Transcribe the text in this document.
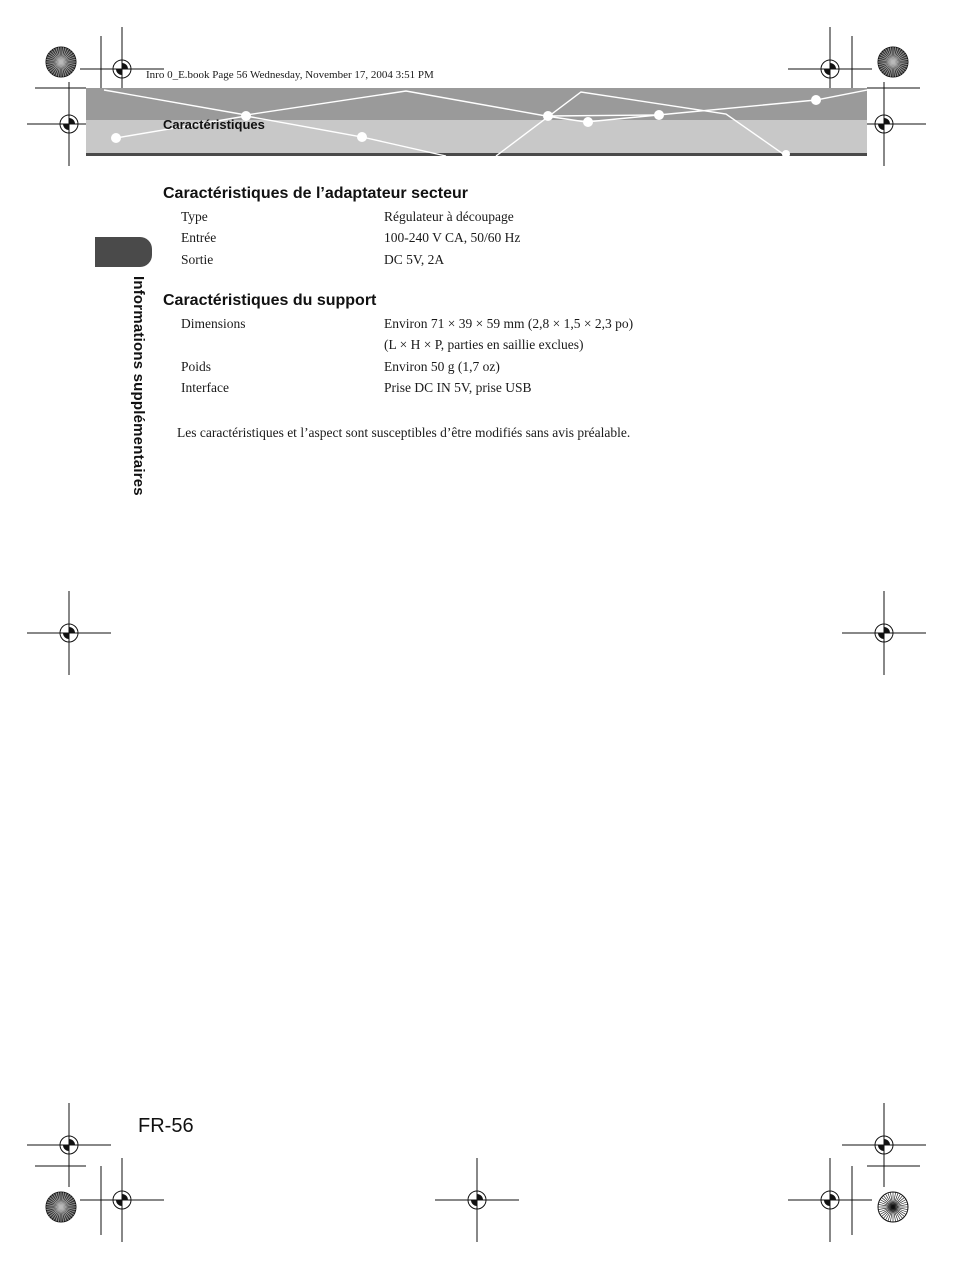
Inro 0_E.book Page 56 Wednesday, November 17, 2004 3:51 PM
Caractéristiques
Informations supplémentaires
Caractéristiques de l’adaptateur secteur
Type	Régulateur à découpage
Entrée	100-240 V CA, 50/60 Hz
Sortie	DC 5V, 2A
Caractéristiques du support
Dimensions	Environ 71 × 39 × 59 mm (2,8 × 1,5 × 2,3 po)
(L × H × P, parties en saillie exclues)
Poids	Environ 50 g (1,7 oz)
Interface	Prise DC IN 5V, prise USB
Les caractéristiques et l’aspect sont susceptibles d’être modifiés sans avis préalable.
FR-56
